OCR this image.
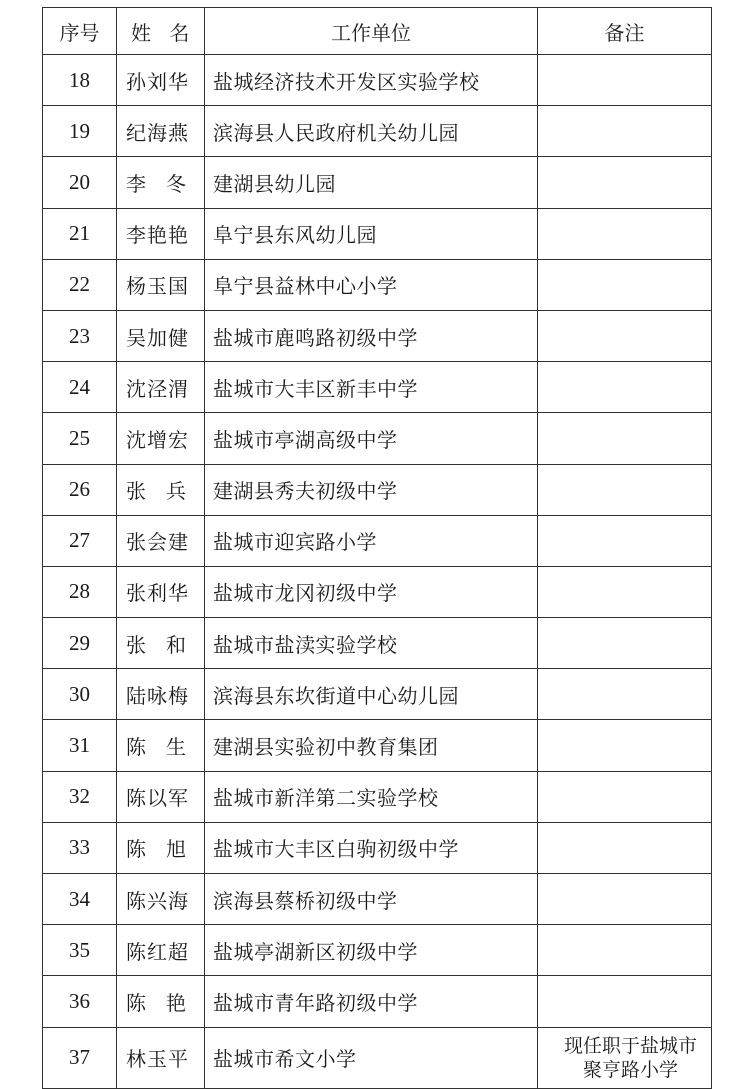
序号	姓 名	工作单位	备注
18	孙刘华	盐城经济技术开发区实验学校	
19	纪海燕	滨海县人民政府机关幼儿园	
20	李　冬	建湖县幼儿园	
21	李艳艳	阜宁县东风幼儿园	
22	杨玉国	阜宁县益林中心小学	
23	吴加健	盐城市鹿鸣路初级中学	
24	沈泾渭	盐城市大丰区新丰中学	
25	沈增宏	盐城市亭湖高级中学	
26	张　兵	建湖县秀夫初级中学	
27	张会建	盐城市迎宾路小学	
28	张利华	盐城市龙冈初级中学	
29	张　和	盐城市盐渎实验学校	
30	陆咏梅	滨海县东坎街道中心幼儿园	
31	陈　生	建湖县实验初中教育集团	
32	陈以军	盐城市新洋第二实验学校	
33	陈　旭	盐城市大丰区白驹初级中学	
34	陈兴海	滨海县蔡桥初级中学	
35	陈红超	盐城亭湖新区初级中学	
36	陈　艳	盐城市青年路初级中学	
37	林玉平	盐城市希文小学	现任职于盐城市聚亨路小学
